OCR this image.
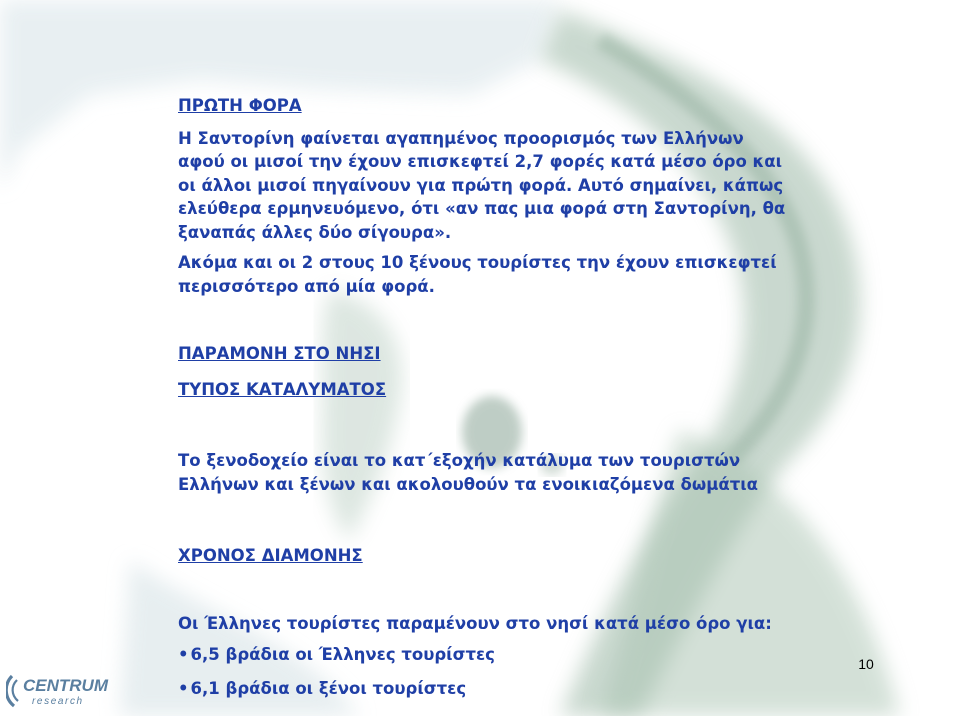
ΠΡΩΤΗ ΦΟΡΑ

Η Σαντορίνη φαίνεται αγαπημένος προορισμός των Ελλήνων

αφού οι μισοί την έχουν επισκεφτεί 2,7 φορές κατά μέσο όρο και

οι άλλοι μισοί πηγαίνουν για πρώτη φορά. Αυτό σημαίνει, κάπως

ελεύθερα ερμηνευόμενο, ότι «αν πας μια φορά στη Σαντορίνη, θα

ξαναπάς άλλες δύο σίγουρα».

Ακόμα και οι 2 στους 10 ξένους τουρίστες την έχουν επισκεφτεί

περισσότερο από μία φορά.

ΠΑΡΑΜΟΝΗ ΣΤΟ ΝΗΣΙ

ΤΥΠΟΣ ΚΑΤΑΛΥΜΑΤΟΣ

Το ξενοδοχείο είναι το κατ΄εξοχήν κατάλυμα των τουριστών

Ελλήνων και ξένων και ακολουθούν τα ενοικιαζόμενα δωμάτια

ΧΡΟΝΟΣ ΔΙΑΜΟΝΗΣ

Οι Έλληνες τουρίστες παραμένουν στο νησί κατά μέσο όρο για:

• 6,5 βράδια οι Έλληνες τουρίστες

• 6,1 βράδια οι ξένοι τουρίστες

10
CENTRUM
research
